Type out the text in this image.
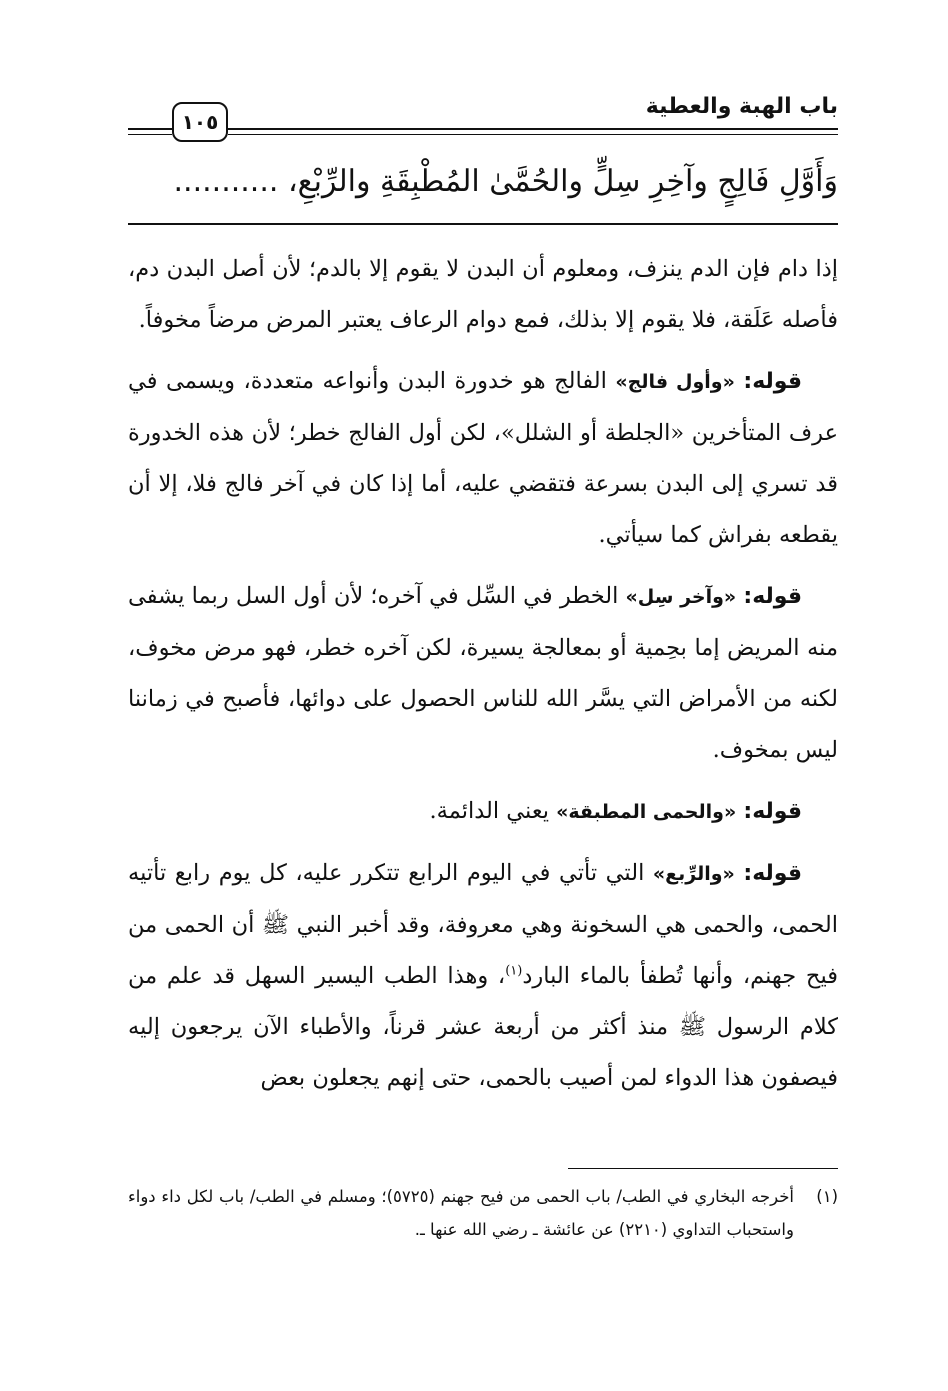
باب الهبة والعطية
١٠٥
وَأَوَّلِ فَالِجٍ وآخِرِ سِلٍّ والحُمَّىٰ المُطْبِقَةِ والرِّبْعِ، ...........

إذا دام فإن الدم ينزف، ومعلوم أن البدن لا يقوم إلا بالدم؛ لأن أصل البدن دم، فأصله عَلَقة، فلا يقوم إلا بذلك، فمع دوام الرعاف يعتبر المرض مرضاً مخوفاً.

قوله: «وأول فالج» الفالج هو خدورة البدن وأنواعه متعددة، ويسمى في عرف المتأخرين «الجلطة أو الشلل»، لكن أول الفالج خطر؛ لأن هذه الخدورة قد تسري إلى البدن بسرعة فتقضي عليه، أما إذا كان في آخر فالج فلا، إلا أن يقطعه بفراش كما سيأتي.

قوله: «وآخر سِل» الخطر في السِّل في آخره؛ لأن أول السل ربما يشفى منه المريض إما بحِمية أو بمعالجة يسيرة، لكن آخره خطر، فهو مرض مخوف، لكنه من الأمراض التي يسَّر الله للناس الحصول على دوائها، فأصبح في زماننا ليس بمخوف.

قوله: «والحمى المطبقة» يعني الدائمة.

قوله: «والرِّبع» التي تأتي في اليوم الرابع تتكرر عليه، كل يوم رابع تأتيه الحمى، والحمى هي السخونة وهي معروفة، وقد أخبر النبي ﷺ أن الحمى من فيح جهنم، وأنها تُطفأ بالماء البارد$^{(١)}$، وهذا الطب اليسير السهل قد علم من كلام الرسول ﷺ منذ أكثر من أربعة عشر قرناً، والأطباء الآن يرجعون إليه فيصفون هذا الدواء لمن أصيب بالحمى، حتى إنهم يجعلون بعض

(١)
أخرجه البخاري في الطب/ باب الحمى من فيح جهنم (٥٧٢٥)؛ ومسلم في الطب/ باب لكل داء دواء واستحباب التداوي (٢٢١٠) عن عائشة ـ رضي الله عنها ـ.
